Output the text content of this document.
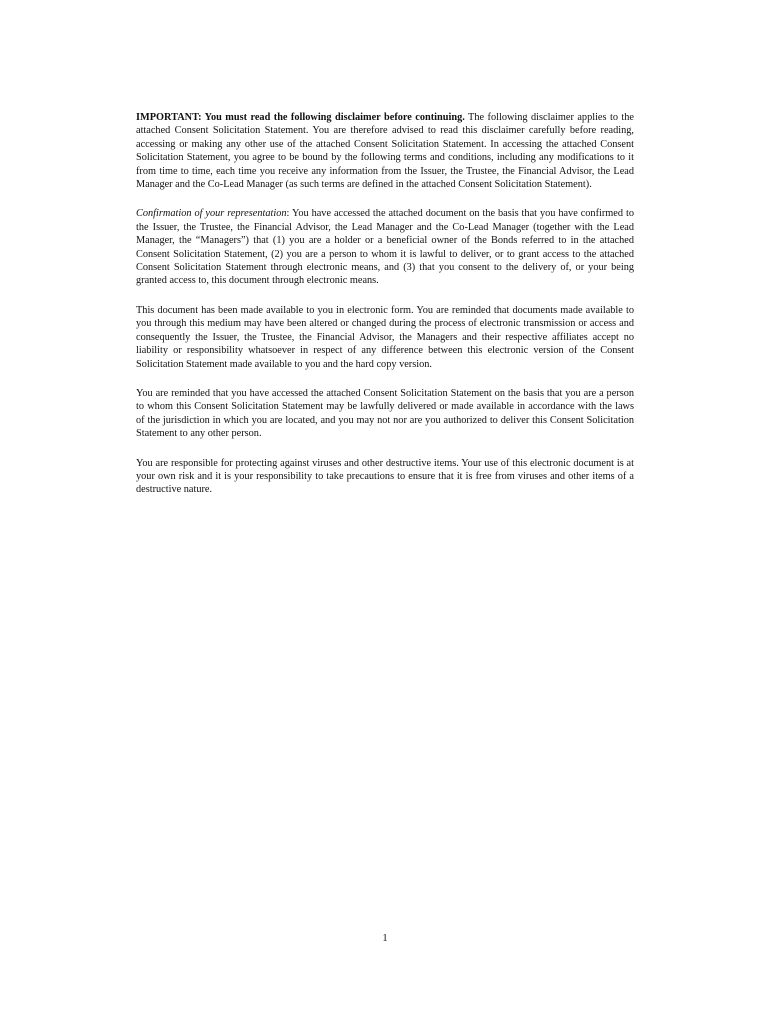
IMPORTANT: You must read the following disclaimer before continuing. The following disclaimer applies to the attached Consent Solicitation Statement. You are therefore advised to read this disclaimer carefully before reading, accessing or making any other use of the attached Consent Solicitation Statement. In accessing the attached Consent Solicitation Statement, you agree to be bound by the following terms and conditions, including any modifications to it from time to time, each time you receive any information from the Issuer, the Trustee, the Financial Advisor, the Lead Manager and the Co-Lead Manager (as such terms are defined in the attached Consent Solicitation Statement).

Confirmation of your representation: You have accessed the attached document on the basis that you have confirmed to the Issuer, the Trustee, the Financial Advisor, the Lead Manager and the Co-Lead Manager (together with the Lead Manager, the “Managers”) that (1) you are a holder or a beneficial owner of the Bonds referred to in the attached Consent Solicitation Statement, (2) you are a person to whom it is lawful to deliver, or to grant access to the attached Consent Solicitation Statement through electronic means, and (3) that you consent to the delivery of, or your being granted access to, this document through electronic means.

This document has been made available to you in electronic form. You are reminded that documents made available to you through this medium may have been altered or changed during the process of electronic transmission or access and consequently the Issuer, the Trustee, the Financial Advisor, the Managers and their respective affiliates accept no liability or responsibility whatsoever in respect of any difference between this electronic version of the Consent Solicitation Statement made available to you and the hard copy version.

You are reminded that you have accessed the attached Consent Solicitation Statement on the basis that you are a person to whom this Consent Solicitation Statement may be lawfully delivered or made available in accordance with the laws of the jurisdiction in which you are located, and you may not nor are you authorized to deliver this Consent Solicitation Statement to any other person.

You are responsible for protecting against viruses and other destructive items. Your use of this electronic document is at your own risk and it is your responsibility to take precautions to ensure that it is free from viruses and other items of a destructive nature.

1
